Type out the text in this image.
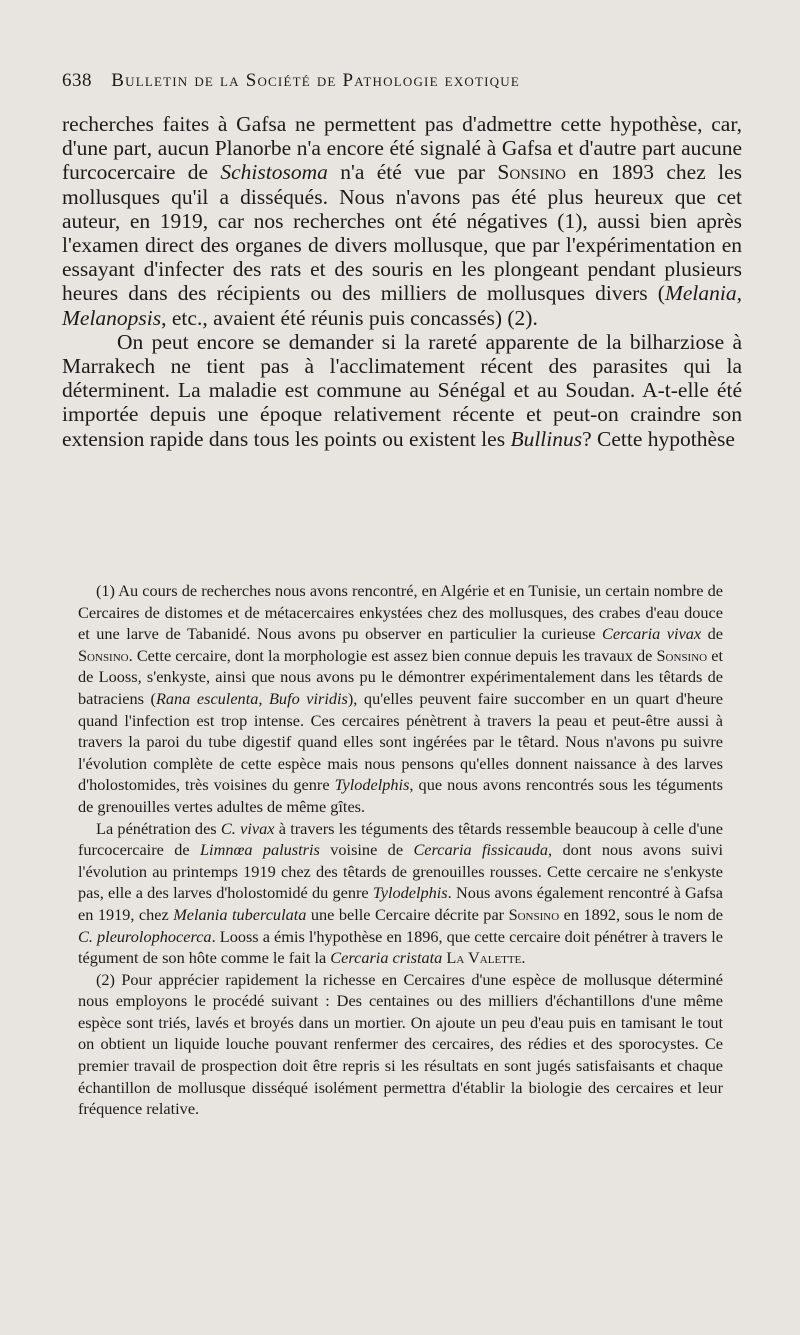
638 Bulletin de la Société de Pathologie exotique

recherches faites à Gafsa ne permettent pas d'admettre cette hypothèse, car, d'une part, aucun Planorbe n'a encore été signalé à Gafsa et d'autre part aucune furcocercaire de Schistosoma n'a été vue par Sonsino en 1893 chez les mollusques qu'il a disséqués. Nous n'avons pas été plus heureux que cet auteur, en 1919, car nos recherches ont été négatives (1), aussi bien après l'examen direct des organes de divers mollusque, que par l'expérimentation en essayant d'infecter des rats et des souris en les plongeant pendant plusieurs heures dans des récipients ou des milliers de mollusques divers (Melania, Melanopsis, etc., avaient été réunis puis concassés) (2).

On peut encore se demander si la rareté apparente de la bilharziose à Marrakech ne tient pas à l'acclimatement récent des parasites qui la déterminent. La maladie est commune au Sénégal et au Soudan. A-t-elle été importée depuis une époque relativement récente et peut-on craindre son extension rapide dans tous les points ou existent les Bullinus? Cette hypothèse

(1) Au cours de recherches nous avons rencontré, en Algérie et en Tunisie, un certain nombre de Cercaires de distomes et de métacercaires enkystées chez des mollusques, des crabes d'eau douce et une larve de Tabanidé. Nous avons pu observer en particulier la curieuse Cercaria vivax de Sonsino. Cette cercaire, dont la morphologie est assez bien connue depuis les travaux de Sonsino et de Looss, s'enkyste, ainsi que nous avons pu le démontrer expérimentalement dans les têtards de batraciens (Rana esculenta, Bufo viridis), qu'elles peuvent faire succomber en un quart d'heure quand l'infection est trop intense. Ces cercaires pénètrent à travers la peau et peut-être aussi à travers la paroi du tube digestif quand elles sont ingérées par le têtard. Nous n'avons pu suivre l'évolution complète de cette espèce mais nous pensons qu'elles donnent naissance à des larves d'holostomides, très voisines du genre Tylodelphis, que nous avons rencontrés sous les téguments de grenouilles vertes adultes de même gîtes.

La pénétration des C. vivax à travers les téguments des têtards ressemble beaucoup à celle d'une furcocercaire de Limnœa palustris voisine de Cercaria fissicauda, dont nous avons suivi l'évolution au printemps 1919 chez des têtards de grenouilles rousses. Cette cercaire ne s'enkyste pas, elle a des larves d'holostomidé du genre Tylodelphis. Nous avons également rencontré à Gafsa en 1919, chez Melania tuberculata une belle Cercaire décrite par Sonsino en 1892, sous le nom de C. pleurolophocerca. Looss a émis l'hypothèse en 1896, que cette cercaire doit pénétrer à travers le tégument de son hôte comme le fait la Cercaria cristata La Valette.

(2) Pour apprécier rapidement la richesse en Cercaires d'une espèce de mollusque déterminé nous employons le procédé suivant : Des centaines ou des milliers d'échantillons d'une même espèce sont triés, lavés et broyés dans un mortier. On ajoute un peu d'eau puis en tamisant le tout on obtient un liquide louche pouvant renfermer des cercaires, des rédies et des sporocystes. Ce premier travail de prospection doit être repris si les résultats en sont jugés satisfaisants et chaque échantillon de mollusque disséqué isolément permettra d'établir la biologie des cercaires et leur fréquence relative.
